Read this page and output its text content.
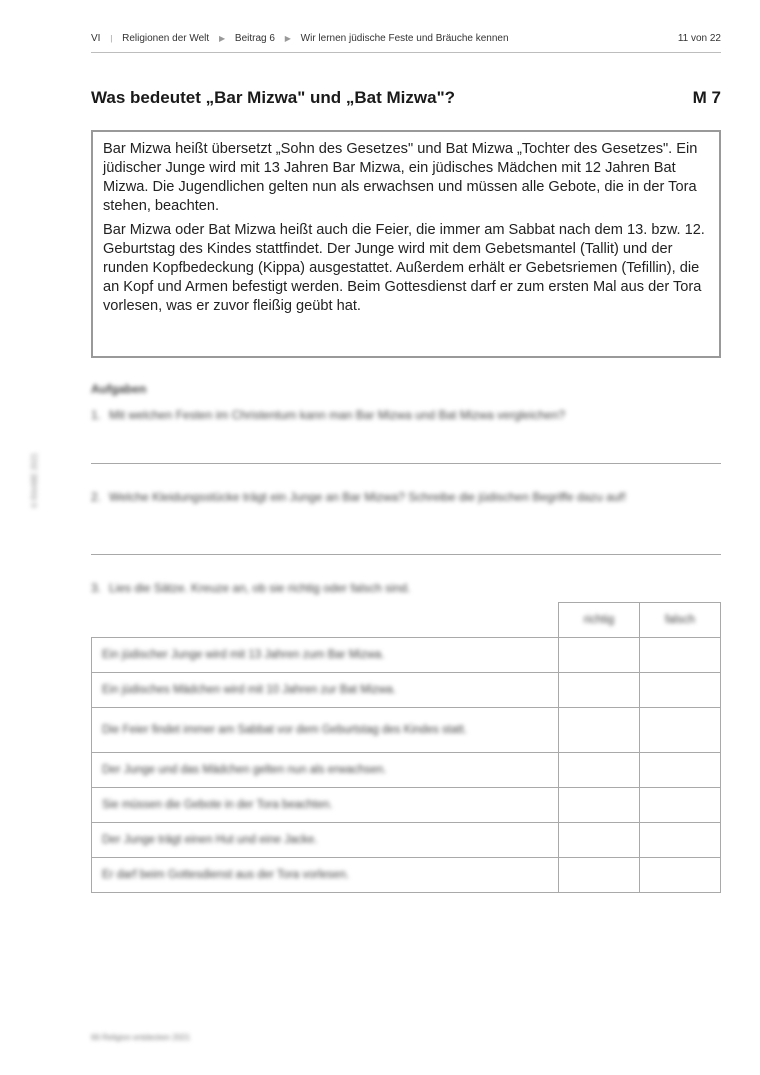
VI | Religionen der Welt ▶ Beitrag 6 ▶ Wir lernen jüdische Feste und Bräuche kennen	11 von 22
Was bedeutet „Bar Mizwa" und „Bat Mizwa"?	M 7

Bar Mizwa heißt übersetzt „Sohn des Gesetzes" und Bat Mizwa „Tochter des Gesetzes". Ein jüdischer Junge wird mit 13 Jahren Bar Mizwa, ein jüdisches Mädchen mit 12 Jahren Bat Mizwa. Die Jugendlichen gelten nun als erwachsen und müssen alle Gebote, die in der Tora stehen, beachten.

Bar Mizwa oder Bat Mizwa heißt auch die Feier, die immer am Sabbat nach dem 13. bzw. 12. Geburtstag des Kindes stattfindet. Der Junge wird mit dem Gebetsmantel (Tallit) und der runden Kopfbedeckung (Kippa) ausgestattet. Außerdem erhält er Gebetsriemen (Tefillin), die an Kopf und Armen befestigt werden. Beim Gottesdienst darf er zum ersten Mal aus der Tora vorlesen, was er zuvor fleißig geübt hat.

Aufgaben
1. Mit welchen Festen im Christentum kann man Bar Mizwa und Bat Mizwa vergleichen?
2. Welche Kleidungsstücke trägt ein Junge an Bar Mizwa? Schreibe die jüdischen Begriffe dazu auf!
3. Lies die Sätze. Kreuze an, ob sie richtig oder falsch sind.
	richtig	falsch
Ein jüdischer Junge wird mit 13 Jahren zum Bar Mizwa.		
Ein jüdisches Mädchen wird mit 10 Jahren zur Bat Mizwa.		
Die Feier findet immer am Sabbat vor dem Geburtstag des Kindes statt.		
Der Junge und das Mädchen gelten nun als erwachsen.		
Sie müssen die Gebote in der Tora beachten.		
Der Junge trägt einen Hut und eine Jacke.		
Er darf beim Gottesdienst aus der Tora vorlesen.		
© RAABE 2021
66 Religion entdecken 2021
